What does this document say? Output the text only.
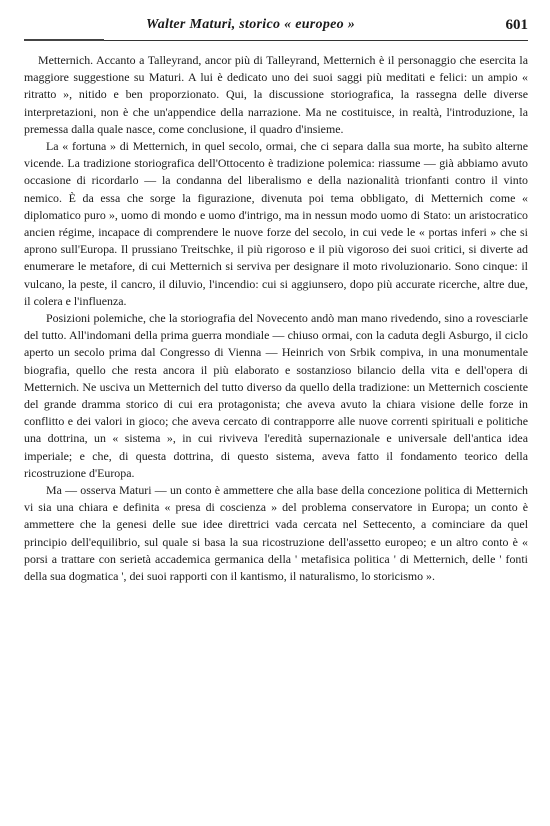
Walter Maturi, storico « europeo »	601

Metternich. Accanto a Talleyrand, ancor più di Talleyrand, Metternich è il personaggio che esercita la maggiore suggestione su Maturi. A lui è dedicato uno dei suoi saggi più meditati e felici: un ampio « ritratto », nitido e ben proporzionato. Qui, la discussione storiografica, la rassegna delle diverse interpretazioni, non è che un'appendice della narrazione. Ma ne costituisce, in realtà, l'introduzione, la premessa dalla quale nasce, come conclusione, il quadro d'insieme.

La « fortuna » di Metternich, in quel secolo, ormai, che ci separa dalla sua morte, ha subìto alterne vicende. La tradizione storiografica dell'Ottocento è tradizione polemica: riassume — già abbiamo avuto occasione di ricordarlo — la condanna del liberalismo e della nazionalità trionfanti contro il vinto nemico. È da essa che sorge la figurazione, divenuta poi tema obbligato, di Metternich come « diplomatico puro », uomo di mondo e uomo d'intrigo, ma in nessun modo uomo di Stato: un aristocratico ancien régime, incapace di comprendere le nuove forze del secolo, in cui vede le « portas inferi » che si aprono sull'Europa. Il prussiano Treitschke, il più rigoroso e il più vigoroso dei suoi critici, si diverte ad enumerare le metafore, di cui Metternich si serviva per designare il moto rivoluzionario. Sono cinque: il vulcano, la peste, il cancro, il diluvio, l'incendio: cui si aggiunsero, dopo più accurate ricerche, altre due, il colera e l'influenza.

Posizioni polemiche, che la storiografia del Novecento andò man mano rivedendo, sino a rovesciarle del tutto. All'indomani della prima guerra mondiale — chiuso ormai, con la caduta degli Asburgo, il ciclo aperto un secolo prima dal Congresso di Vienna — Heinrich von Srbik compiva, in una monumentale biografia, quello che resta ancora il più elaborato e sostanzioso bilancio della vita e dell'opera di Metternich. Ne usciva un Metternich del tutto diverso da quello della tradizione: un Metternich cosciente del grande dramma storico di cui era protagonista; che aveva avuto la chiara visione delle forze in conflitto e dei valori in gioco; che aveva cercato di contrapporre alle nuove correnti spirituali e politiche una dottrina, un « sistema », in cui riviveva l'eredità supernazionale e universale dell'antica idea imperiale; e che, di questa dottrina, di questo sistema, aveva fatto il fondamento teorico della ricostruzione d'Europa.

Ma — osserva Maturi — un conto è ammettere che alla base della concezione politica di Metternich vi sia una chiara e definita « presa di coscienza » del problema conservatore in Europa; un conto è ammettere che la genesi delle sue idee direttrici vada cercata nel Settecento, a cominciare da quel principio dell'equilibrio, sul quale si basa la sua ricostruzione dell'assetto europeo; e un altro conto è « porsi a trattare con serietà accademica germanica della ' metafisica politica ' di Metternich, delle ' fonti della sua dogmatica ', dei suoi rapporti con il kantismo, il naturalismo, lo storicismo ».
